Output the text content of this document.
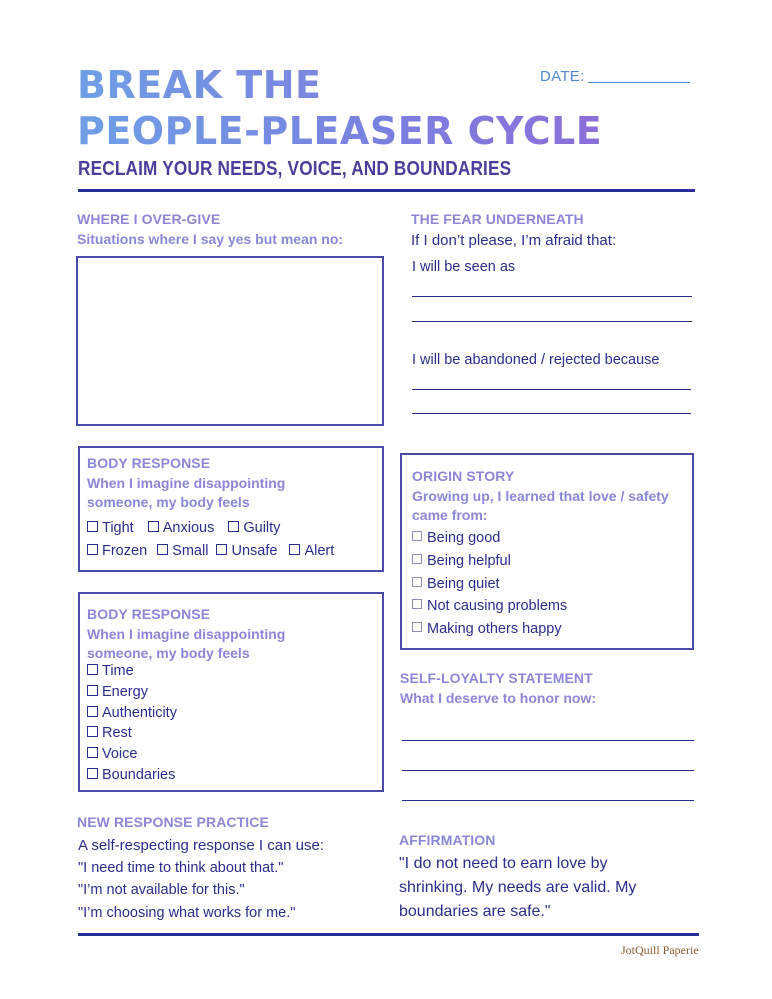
BREAK THE
PEOPLE-PLEASER CYCLE
RECLAIM YOUR NEEDS, VOICE, AND BOUNDARIES
DATE:
WHERE I OVER-GIVE
Situations where I say yes but mean no:
THE FEAR UNDERNEATH
If I don’t please, I’m afraid that:
I will be seen as
I will be abandoned / rejected because
BODY RESPONSE
When I imagine disappointing someone, my body feels
Tight Anxious Guilty
Frozen Small Unsafe Alert
ORIGIN STORY
Growing up, I learned that love / safety came from:
Being good
Being helpful
Being quiet
Not causing problems
Making others happy
BODY RESPONSE
When I imagine disappointing someone, my body feels
Time
Energy
Authenticity
Rest
Voice
Boundaries
SELF-LOYALTY STATEMENT
What I deserve to honor now:
NEW RESPONSE PRACTICE
A self-respecting response I can use:
"I need time to think about that."
"I’m not available for this."
"I’m choosing what works for me."
AFFIRMATION
"I do not need to earn love by shrinking. My needs are valid. My boundaries are safe."
JotQuill Paperie
